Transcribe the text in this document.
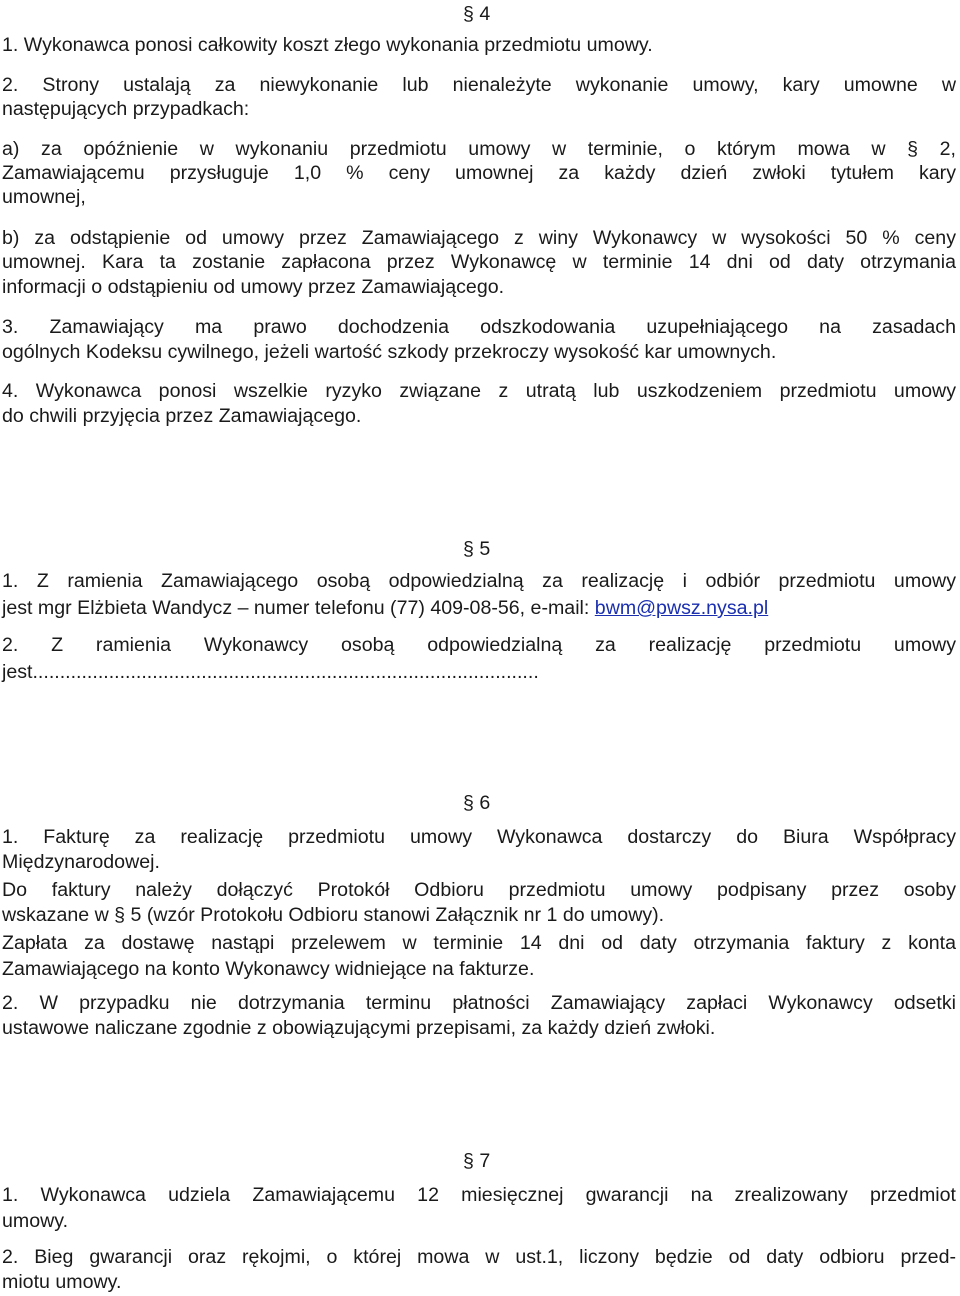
§ 4
1. Wykonawca ponosi całkowity koszt złego wykonania przedmiotu umowy.
2. Strony ustalają za niewykonanie lub nienależyte wykonanie umowy, kary umowne w
następujących przypadkach:
a) za opóźnienie w wykonaniu przedmiotu umowy w terminie, o którym mowa w § 2,
Zamawiającemu przysługuje 1,0 % ceny umownej za każdy dzień zwłoki tytułem kary
umownej,
b) za odstąpienie od umowy przez Zamawiającego z winy Wykonawcy w wysokości 50 % ceny
umownej. Kara ta zostanie zapłacona przez Wykonawcę w terminie 14 dni od daty otrzymania
informacji o odstąpieniu od umowy przez Zamawiającego.
3. Zamawiający ma prawo dochodzenia odszkodowania uzupełniającego na zasadach
ogólnych Kodeksu cywilnego, jeżeli wartość szkody przekroczy wysokość kar umownych.
4. Wykonawca ponosi wszelkie ryzyko związane z utratą lub uszkodzeniem przedmiotu umowy
do chwili przyjęcia przez Zamawiającego.
§ 5
1. Z ramienia Zamawiającego osobą odpowiedzialną za realizację i odbiór przedmiotu umowy
jest mgr Elżbieta Wandycz – numer telefonu (77) 409-08-56, e-mail: bwm@pwsz.nysa.pl
2. Z ramienia Wykonawcy osobą odpowiedzialną za realizację przedmiotu umowy
jest.............................................................................................
§ 6
1. Fakturę za realizację przedmiotu umowy Wykonawca dostarczy do Biura Współpracy
Międzynarodowej.
Do faktury należy dołączyć Protokół Odbioru przedmiotu umowy podpisany przez osoby
wskazane w § 5 (wzór Protokołu Odbioru stanowi Załącznik nr 1 do umowy).
Zapłata za dostawę nastąpi przelewem w terminie 14 dni od daty otrzymania faktury z konta
Zamawiającego na konto Wykonawcy widniejące na fakturze.
2. W przypadku nie dotrzymania terminu płatności Zamawiający zapłaci Wykonawcy odsetki
ustawowe naliczane zgodnie z obowiązującymi przepisami, za każdy dzień zwłoki.
§ 7
1. Wykonawca udziela Zamawiającemu 12 miesięcznej gwarancji na zrealizowany przedmiot
umowy.
2. Bieg gwarancji oraz rękojmi, o której mowa w ust.1, liczony będzie od daty odbioru przed-
miotu umowy.
